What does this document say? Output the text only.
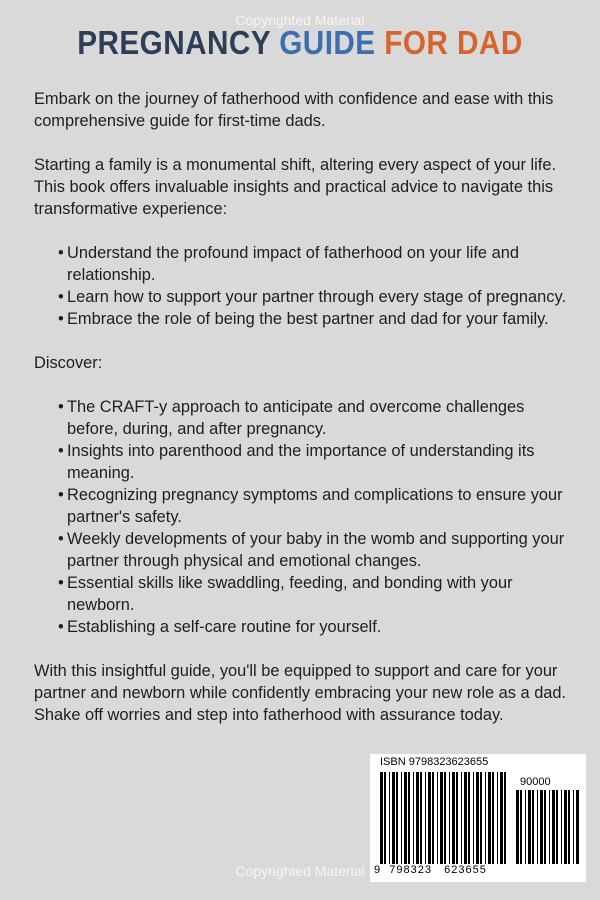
Copyrighted Material
PREGNANCY GUIDE FOR DAD

Embark on the journey of fatherhood with confidence and ease with this comprehensive guide for first-time dads.

Starting a family is a monumental shift, altering every aspect of your life. This book offers invaluable insights and practical advice to navigate this transformative experience:

• Understand the profound impact of fatherhood on your life and relationship.
• Learn how to support your partner through every stage of pregnancy.
• Embrace the role of being the best partner and dad for your family.

Discover:

• The CRAFT-y approach to anticipate and overcome challenges before, during, and after pregnancy.
• Insights into parenthood and the importance of understanding its meaning.
• Recognizing pregnancy symptoms and complications to ensure your partner's safety.
• Weekly developments of your baby in the womb and supporting your partner through physical and emotional changes.
• Essential skills like swaddling, feeding, and bonding with your newborn.
• Establishing a self-care routine for yourself.

With this insightful guide, you'll be equipped to support and care for your partner and newborn while confidently embracing your new role as a dad. Shake off worries and step into fatherhood with assurance today.

ISBN 9798323623655
90000
9 798323 623655
Copyrighted Material
